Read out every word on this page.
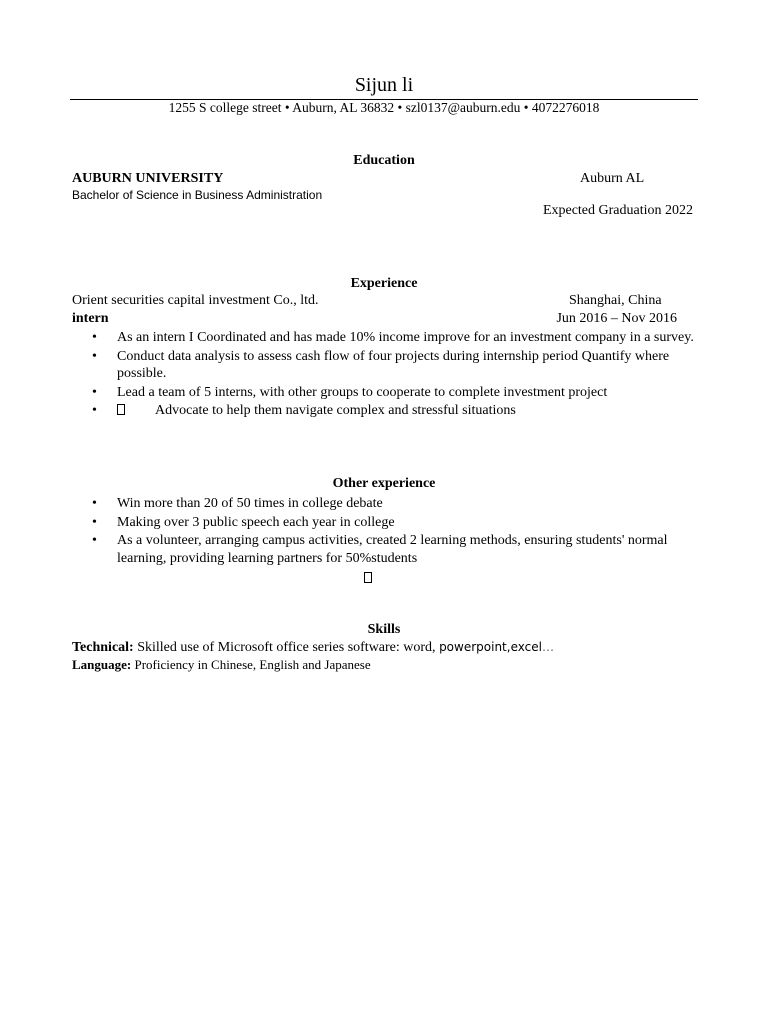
Sijun li
1255 S college street • Auburn, AL 36832 • szl0137@auburn.edu • 4072276018
Education
AUBURN UNIVERSITY	Auburn AL
Bachelor of Science in Business Administration
Expected Graduation 2022
Experience
Orient securities capital investment Co., ltd.	Shanghai, China
intern	Jun 2016 – Nov 2016
• As an intern I Coordinated and has made 10% income improve for an investment company in a survey.
• Conduct data analysis to assess cash flow of four projects during internship period Quantify where possible.
• Lead a team of 5 interns, with other groups to cooperate to complete investment project
• Advocate to help them navigate complex and stressful situations
Other experience
• Win more than 20 of 50 times in college debate
• Making over 3 public speech each year in college
• As a volunteer, arranging campus activities, created 2 learning methods, ensuring students' normal learning, providing learning partners for 50%students
Skills
Technical: Skilled use of Microsoft office series software: word, powerpoint,excel…
Language: Proficiency in Chinese, English and Japanese
